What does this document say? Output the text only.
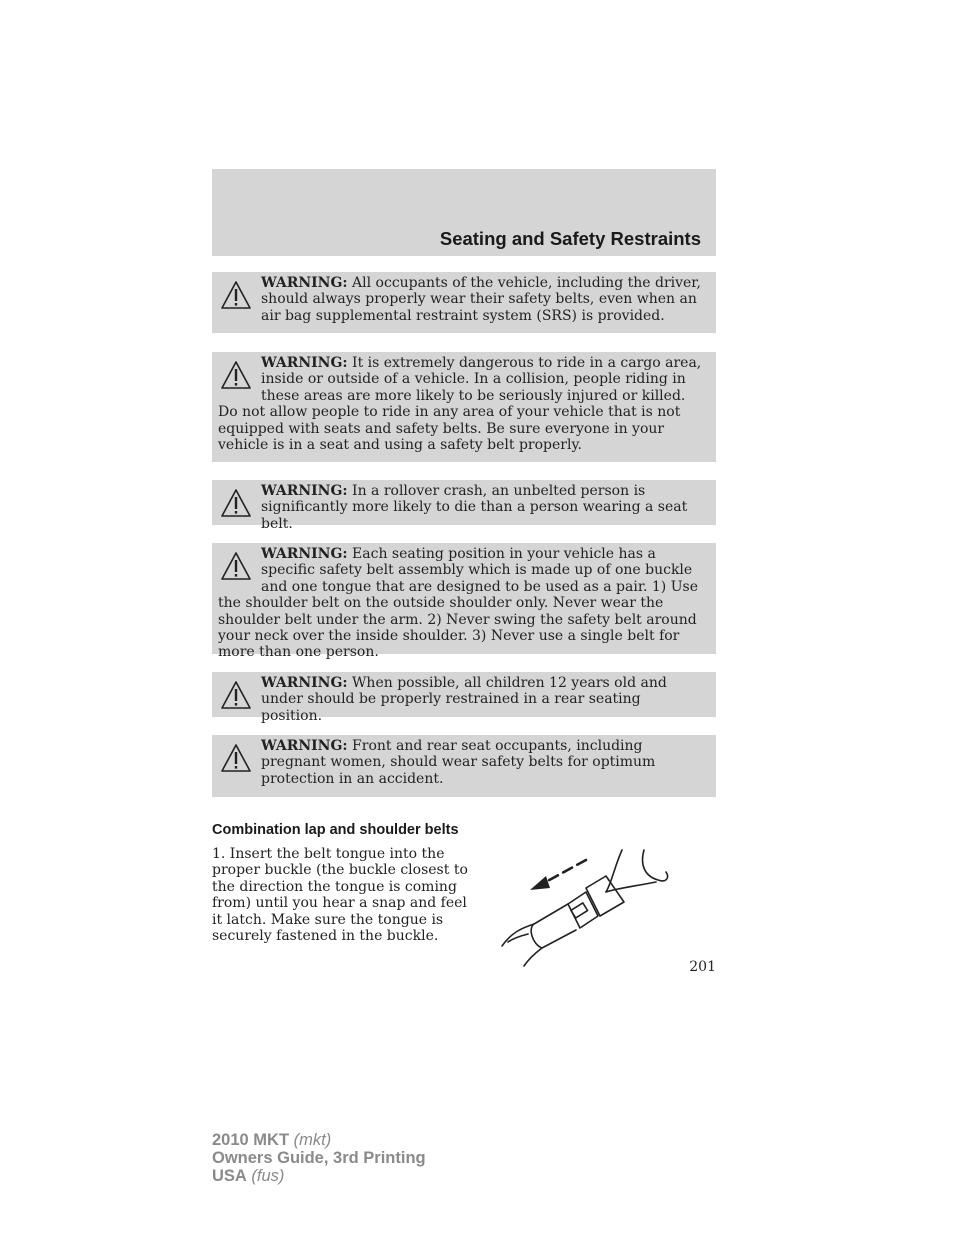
Seating and Safety Restraints
WARNING: All occupants of the vehicle, including the driver, should always properly wear their safety belts, even when an air bag supplemental restraint system (SRS) is provided.
WARNING: It is extremely dangerous to ride in a cargo area, inside or outside of a vehicle. In a collision, people riding in these areas are more likely to be seriously injured or killed. Do not allow people to ride in any area of your vehicle that is not equipped with seats and safety belts. Be sure everyone in your vehicle is in a seat and using a safety belt properly.
WARNING: In a rollover crash, an unbelted person is significantly more likely to die than a person wearing a seat belt.
WARNING: Each seating position in your vehicle has a specific safety belt assembly which is made up of one buckle and one tongue that are designed to be used as a pair. 1) Use the shoulder belt on the outside shoulder only. Never wear the shoulder belt under the arm. 2) Never swing the safety belt around your neck over the inside shoulder. 3) Never use a single belt for more than one person.
WARNING: When possible, all children 12 years old and under should be properly restrained in a rear seating position.
WARNING: Front and rear seat occupants, including pregnant women, should wear safety belts for optimum protection in an accident.
Combination lap and shoulder belts
1. Insert the belt tongue into the proper buckle (the buckle closest to the direction the tongue is coming from) until you hear a snap and feel it latch. Make sure the tongue is securely fastened in the buckle.
201
2010 MKT (mkt)
Owners Guide, 3rd Printing
USA (fus)
